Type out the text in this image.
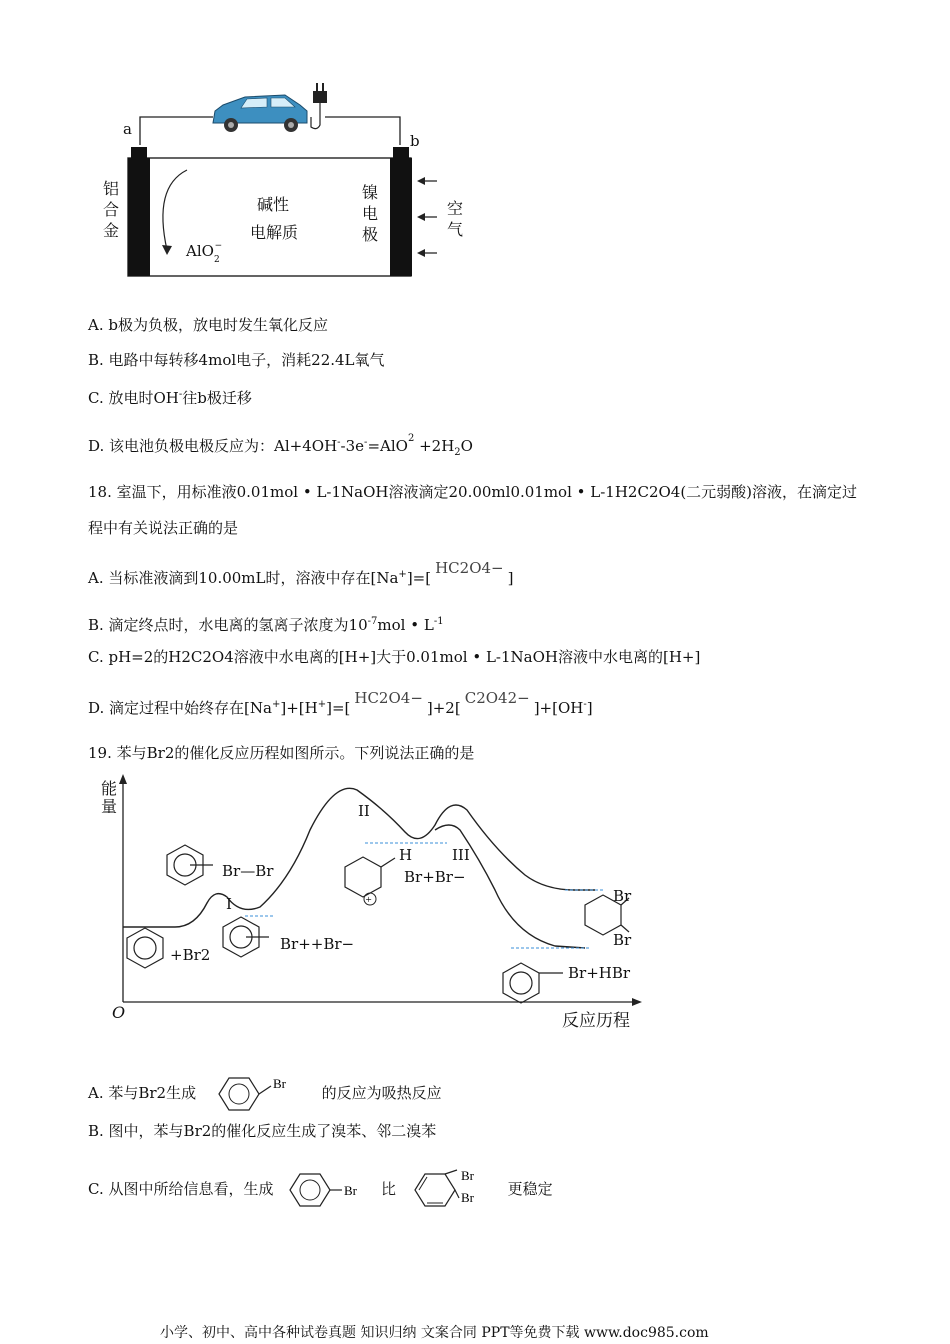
a
b
铝合金
碱性
电解质
镍电极
空气
AlO$_2$−
A. b极为负极，放电时发生氧化反应
B. 电路中每转移4mol电子，消耗22.4L氧气
C. 放电时OH-往b极迁移
D. 该电池负极电极反应为：$Al+4OH^--3e^-=AlO^2 +2H_2O$
18. 室温下，用标准液0.01mol • L-1NaOH溶液滴定20.00ml0.01mol • L-1H2C2O4(二元弱酸)溶液，在滴定过
程中有关说法正确的是
A. 当标准液滴到10.00mL时，溶液中存在[Na+]=[HC2O4−]
B. 滴定终点时，水电离的氢离子浓度为$10^{-7}mol$ • $L^{-1}$
C. pH=2的H2C2O4溶液中水电离的[H+]大于0.01mol • L-1NaOH溶液中水电离的[H+]
D. 滴定过程中始终存在[Na+]+[H+]=[HC2O4−]+2[C2O42−]+[OH-]
19. 苯与Br2的催化反应历程如图所示。下列说法正确的是
+
能量
反应历程
O
I
II
III
Br—Br
+Br2
Br++Br−
H
Br+Br−
Br
Br
Br+HBr
A. 苯与Br2生成
Br
的反应为吸热反应
B. 图中，苯与Br2的催化反应生成了溴苯、邻二溴苯
C. 从图中所给信息看，生成	Br 比
Br
Br 更稳定
小学、初中、高中各种试卷真题 知识归纳 文案合同 PPT等免费下载 www.doc985.com
